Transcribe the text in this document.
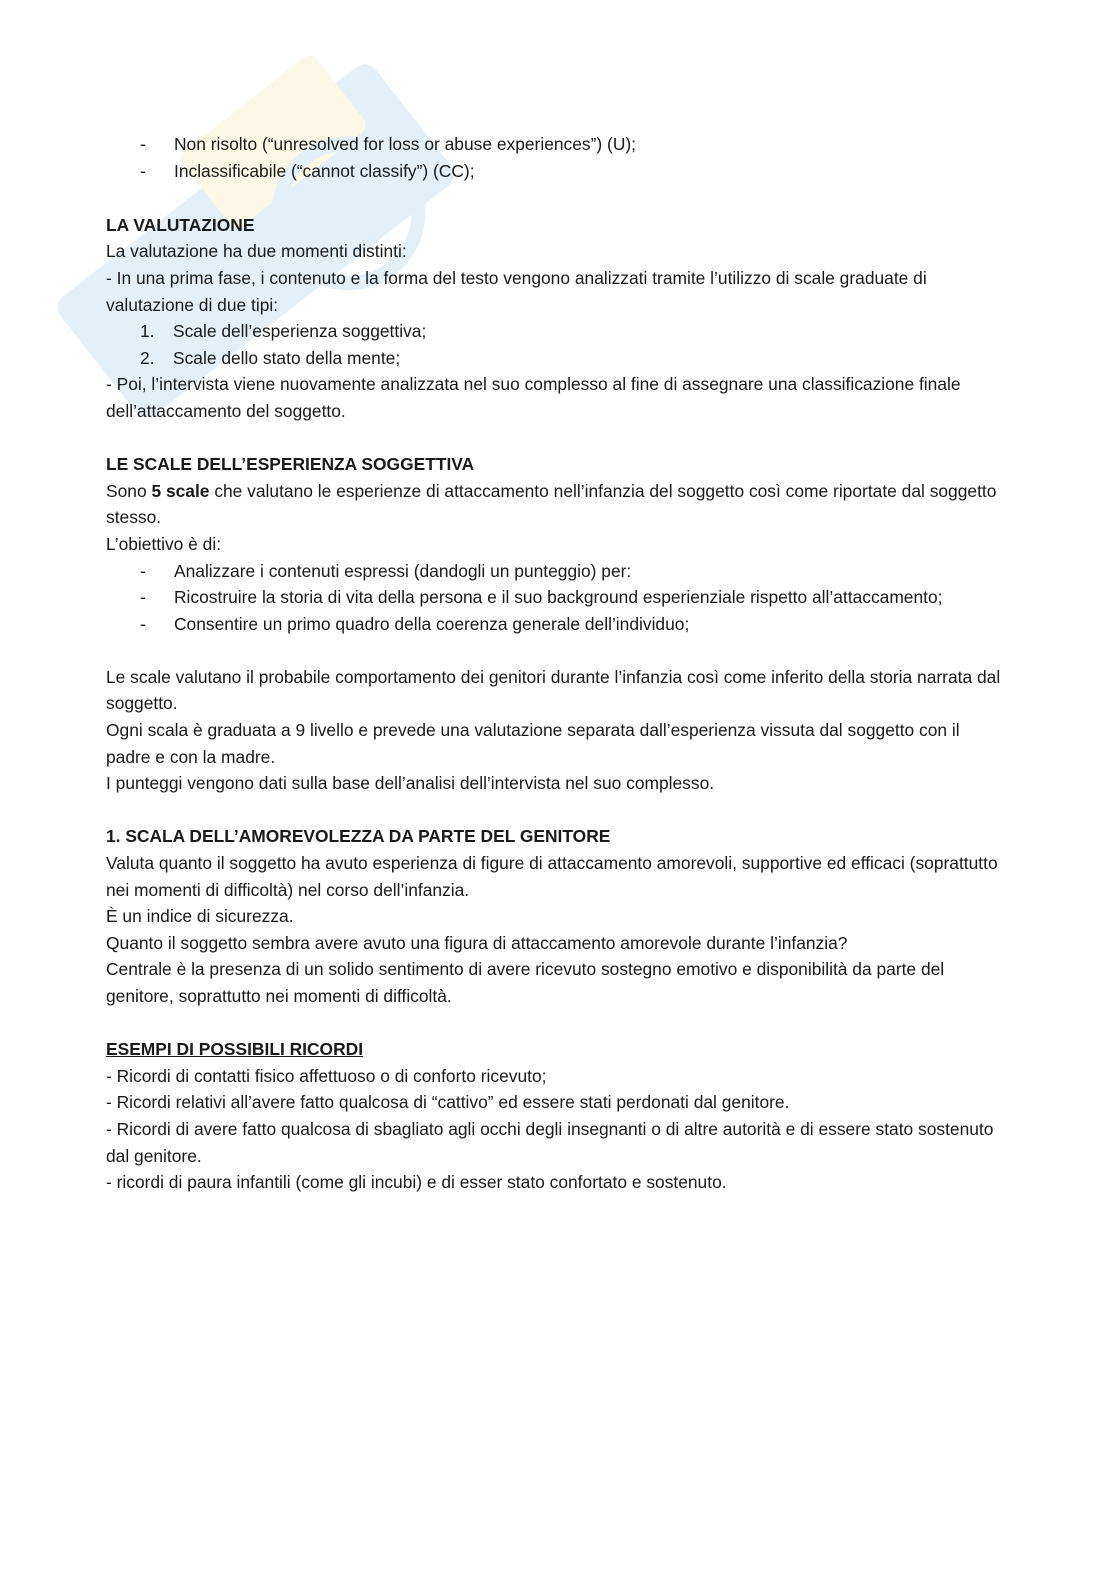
- Non risolto (“unresolved for loss or abuse experiences”) (U);
- Inclassificabile (“cannot classify”) (CC);

LA VALUTAZIONE

La valutazione ha due momenti distinti:

- In una prima fase, i contenuto e la forma del testo vengono analizzati tramite l’utilizzo di scale graduate di valutazione di due tipi:

1. Scale dell’esperienza soggettiva;
2. Scale dello stato della mente;

- Poi, l’intervista viene nuovamente analizzata nel suo complesso al fine di assegnare una classificazione finale dell’attaccamento del soggetto.

LE SCALE DELL’ESPERIENZA SOGGETTIVA

Sono 5 scale che valutano le esperienze di attaccamento nell’infanzia del soggetto così come riportate dal soggetto stesso.

L’obiettivo è di:

- Analizzare i contenuti espressi (dandogli un punteggio) per:
- Ricostruire la storia di vita della persona e il suo background esperienziale rispetto all’attaccamento;
- Consentire un primo quadro della coerenza generale dell’individuo;

Le scale valutano il probabile comportamento dei genitori durante l’infanzia così come inferito della storia narrata dal soggetto.

Ogni scala è graduata a 9 livello e prevede una valutazione separata dall’esperienza vissuta dal soggetto con il padre e con la madre.

I punteggi vengono dati sulla base dell’analisi dell’intervista nel suo complesso.

1. SCALA DELL’AMOREVOLEZZA DA PARTE DEL GENITORE

Valuta quanto il soggetto ha avuto esperienza di figure di attaccamento amorevoli, supportive ed efficaci (soprattutto nei momenti di difficoltà) nel corso dell’infanzia.

È un indice di sicurezza.

Quanto il soggetto sembra avere avuto una figura di attaccamento amorevole durante l’infanzia?

Centrale è la presenza di un solido sentimento di avere ricevuto sostegno emotivo e disponibilità da parte del genitore, soprattutto nei momenti di difficoltà.

ESEMPI DI POSSIBILI RICORDI

- Ricordi di contatti fisico affettuoso o di conforto ricevuto;

- Ricordi relativi all’avere fatto qualcosa di “cattivo” ed essere stati perdonati dal genitore.

- Ricordi di avere fatto qualcosa di sbagliato agli occhi degli insegnanti o di altre autorità e di essere stato sostenuto dal genitore.

- ricordi di paura infantili (come gli incubi) e di esser stato confortato e sostenuto.
